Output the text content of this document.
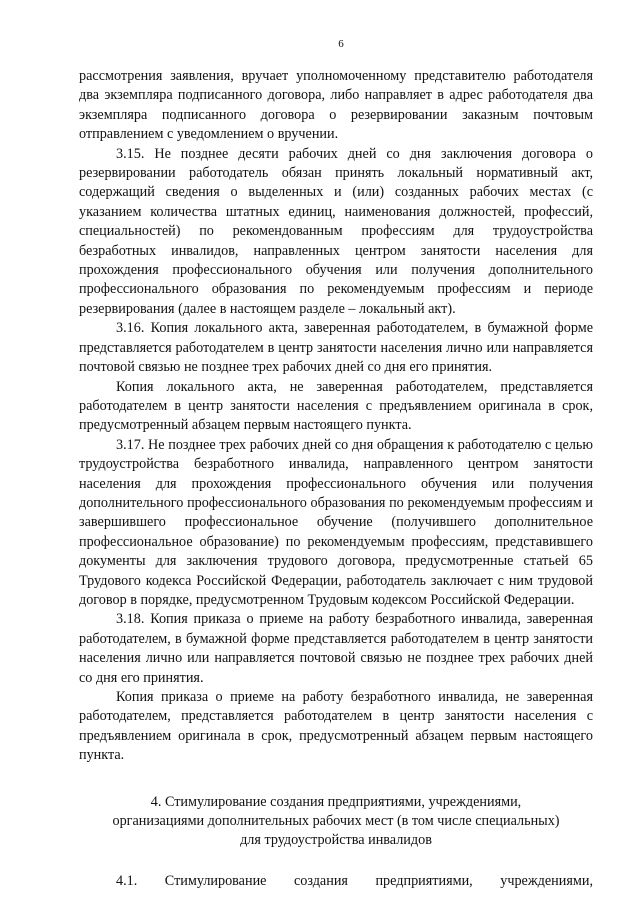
6

рассмотрения заявления, вручает уполномоченному представителю работодателя два экземпляра подписанного договора, либо направляет в адрес работодателя два экземпляра подписанного договора о резервировании заказным почтовым отправлением с уведомлением о вручении.

3.15. Не позднее десяти рабочих дней со дня заключения договора о резервировании работодатель обязан принять локальный нормативный акт, содержащий сведения о выделенных и (или) созданных рабочих местах (с указанием количества штатных единиц, наименования должностей, профессий, специальностей) по рекомендованным профессиям для трудоустройства безработных инвалидов, направленных центром занятости населения для прохождения профессионального обучения или получения дополнительного профессионального образования по рекомендуемым профессиям и периоде резервирования (далее в настоящем разделе – локальный акт).

3.16. Копия локального акта, заверенная работодателем, в бумажной форме представляется работодателем в центр занятости населения лично или направляется почтовой связью не позднее трех рабочих дней со дня его принятия.

Копия локального акта, не заверенная работодателем, представляется работодателем в центр занятости населения с предъявлением оригинала в срок, предусмотренный абзацем первым настоящего пункта.

3.17. Не позднее трех рабочих дней со дня обращения к работодателю с целью трудоустройства безработного инвалида, направленного центром занятости населения для прохождения профессионального обучения или получения дополнительного профессионального образования по рекомендуемым профессиям и завершившего профессиональное обучение (получившего дополнительное профессиональное образование) по рекомендуемым профессиям, представившего документы для заключения трудового договора, предусмотренные статьей 65 Трудового кодекса Российской Федерации, работодатель заключает с ним трудовой договор в порядке, предусмотренном Трудовым кодексом Российской Федерации.

3.18. Копия приказа о приеме на работу безработного инвалида, заверенная работодателем, в бумажной форме представляется работодателем в центр занятости населения лично или направляется почтовой связью не позднее трех рабочих дней со дня его принятия.

Копия приказа о приеме на работу безработного инвалида, не заверенная работодателем, представляется работодателем в центр занятости населения с предъявлением оригинала в срок, предусмотренный абзацем первым настоящего пункта.

4. Стимулирование создания предприятиями, учреждениями,
организациями дополнительных рабочих мест (в том числе специальных)
для трудоустройства инвалидов

4.1. Стимулирование создания предприятиями, учреждениями,
